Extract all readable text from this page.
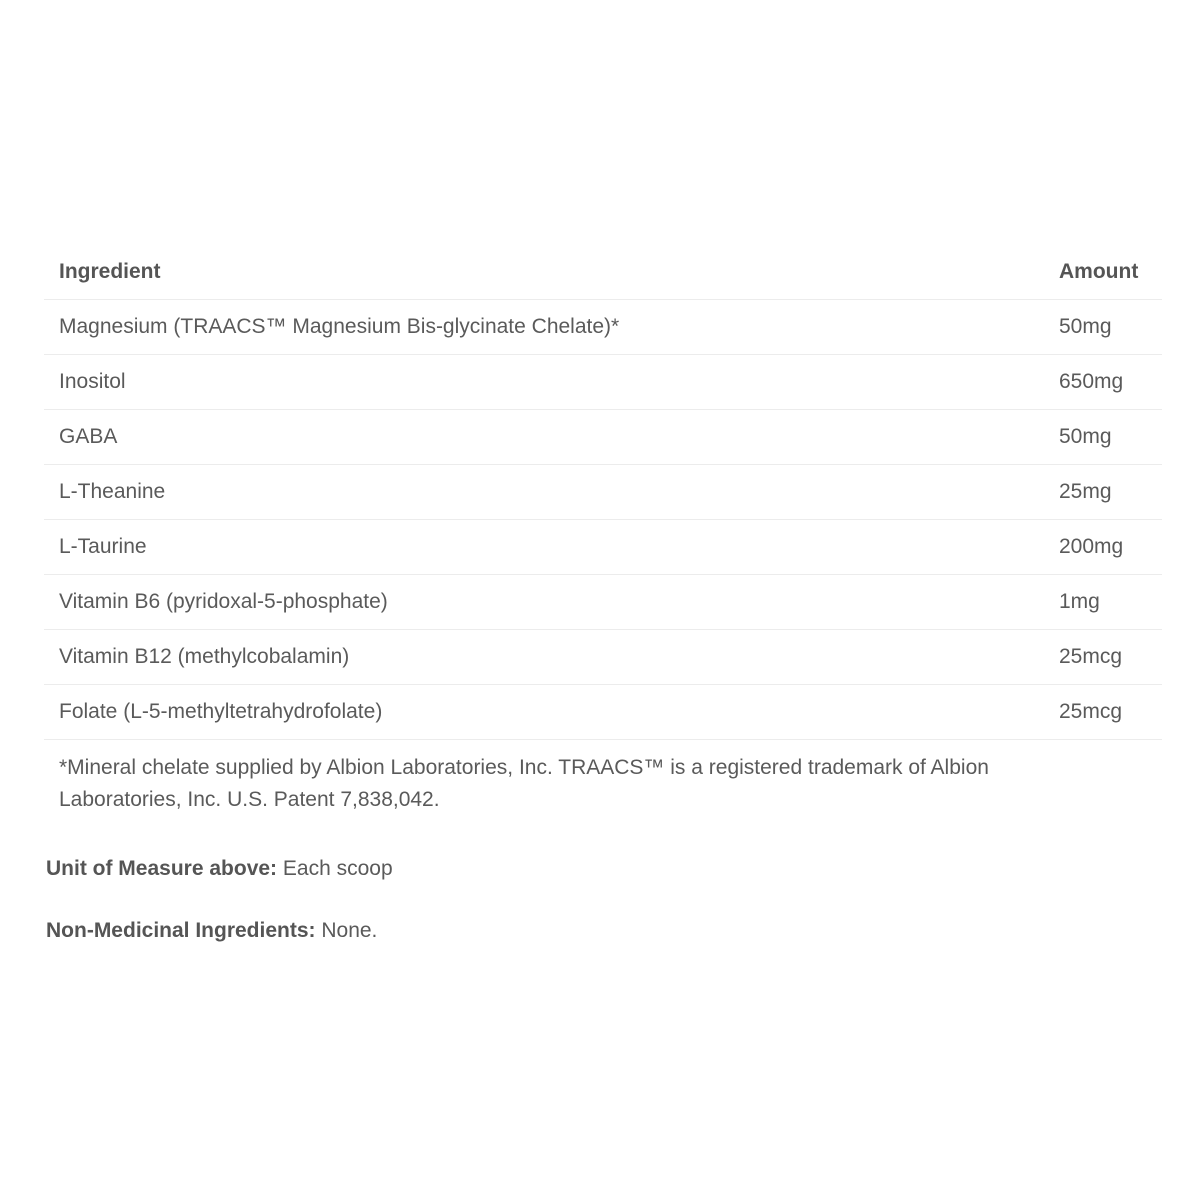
Ingredient	Amount
Magnesium (TRAACS™ Magnesium Bis-glycinate Chelate)*	50mg
Inositol	650mg
GABA	50mg
L-Theanine	25mg
L-Taurine	200mg
Vitamin B6 (pyridoxal-5-phosphate)	1mg
Vitamin B12 (methylcobalamin)	25mcg
Folate (L-5-methyltetrahydrofolate)	25mcg
*Mineral chelate supplied by Albion Laboratories, Inc. TRAACS™ is a registered trademark of Albion Laboratories, Inc. U.S. Patent 7,838,042.
Unit of Measure above: Each scoop
Non-Medicinal Ingredients: None.
